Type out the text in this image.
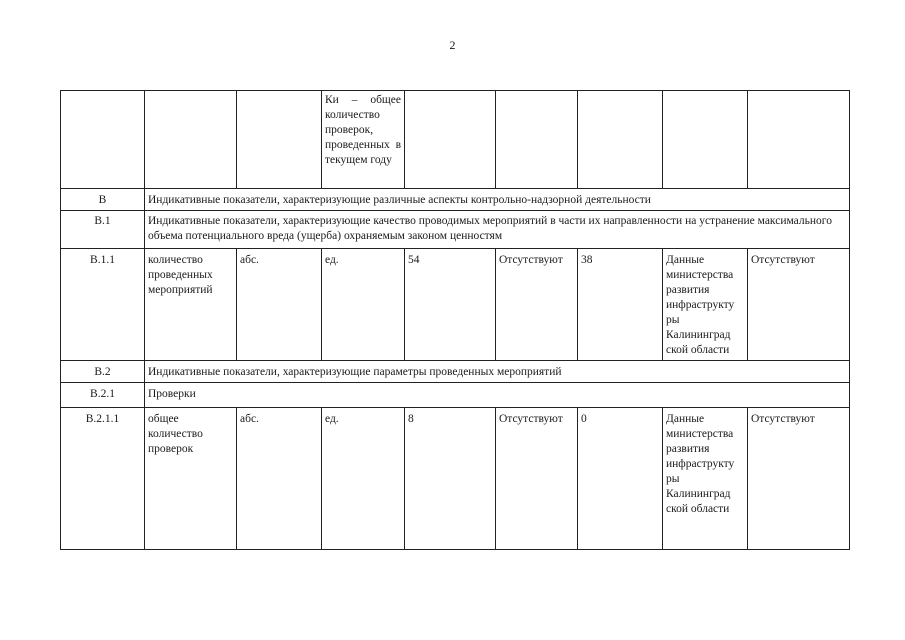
2
			Ки – общее количество проверок, проведенных в текущем году					
В	Индикативные показатели, характеризующие различные аспекты контрольно-надзорной деятельности							
В.1	Индикативные показатели, характеризующие качество проводимых мероприятий в части их направленности на устранение максимального объема потенциального вреда (ущерба) охраняемым законом ценностям							
В.1.1	количество проведенных мероприятий	абс.	ед.	54	Отсутствуют	38	Данные министерства развития инфраструкту ры Калининград ской области	Отсутствуют
В.2	Индикативные показатели, характеризующие параметры проведенных мероприятий							
В.2.1	Проверки							
В.2.1.1	общее количество проверок	абс.	ед.	8	Отсутствуют	0	Данные министерства развития инфраструкту ры Калининград ской области	Отсутствуют
